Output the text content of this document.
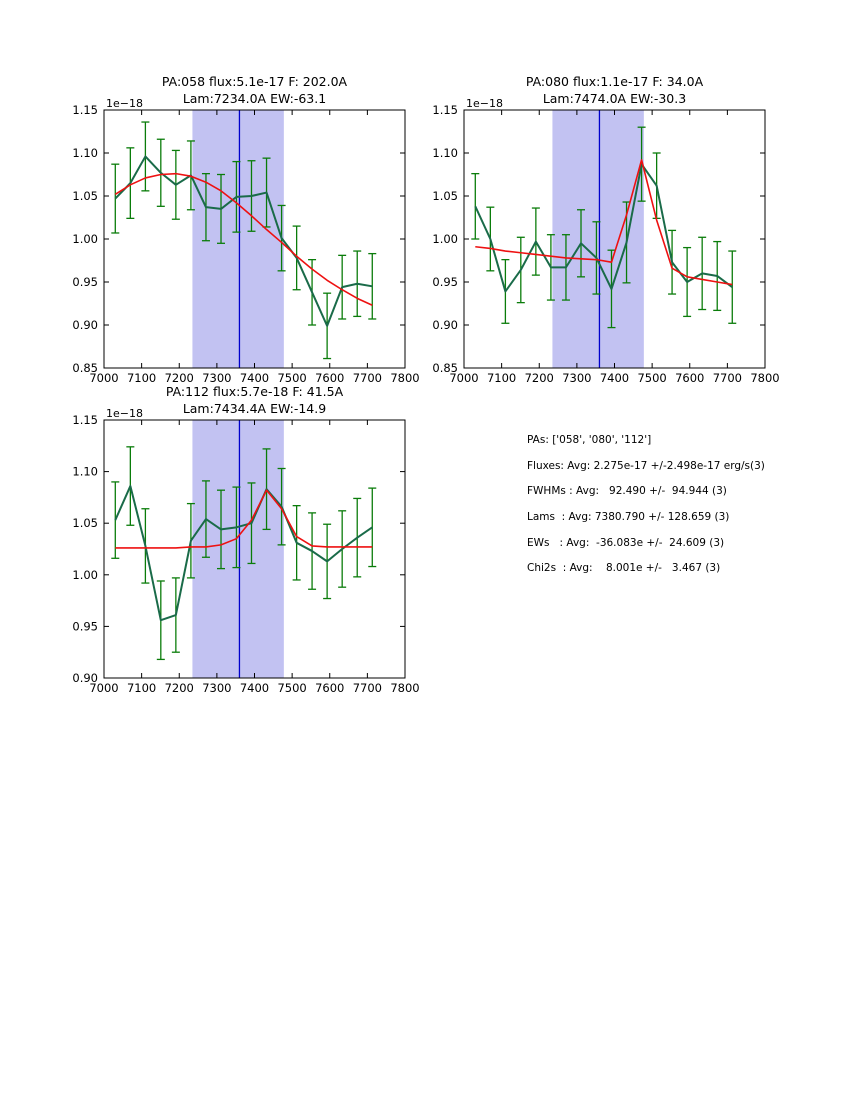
PA:058 flux:5.1e-17 F: 202.0A
Lam:7234.0A EW:-63.1
1e−18
7000 7100 7200 7300 7400 7500 7600 7700 7800
0.85
0.90
0.95
1.00
1.05
1.10
1.15
PA:080 flux:1.1e-17 F: 34.0A
Lam:7474.0A EW:-30.3
1e−18
7000 7100 7200 7300 7400 7500 7600 7700 7800
0.85
0.90
0.95
1.00
1.05
1.10
1.15
PA:112 flux:5.7e-18 F: 41.5A
Lam:7434.4A EW:-14.9
1e−18
7000 7100 7200 7300 7400 7500 7600 7700 7800
0.90
0.95
1.00
1.05
1.10
1.15
PAs: ['058', '080', '112']
Fluxes: Avg: 2.275e-17 +/-2.498e-17 erg/s(3)
FWHMs : Avg:   92.490 +/-  94.944 (3)
Lams  : Avg: 7380.790 +/- 128.659 (3)
EWs   : Avg:  -36.083e +/-  24.609 (3)
Chi2s  : Avg:    8.001e +/-   3.467 (3)
